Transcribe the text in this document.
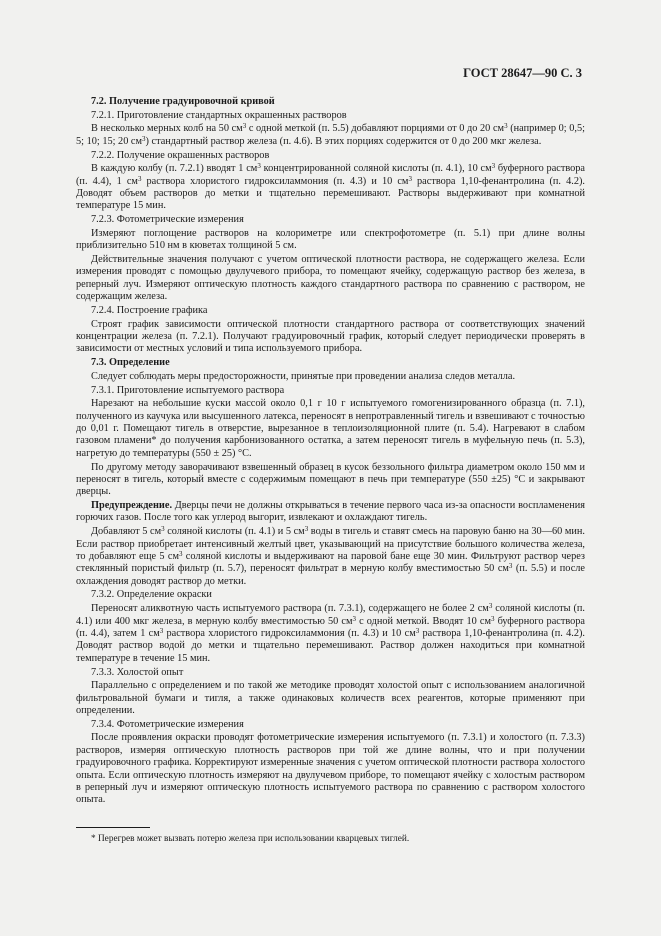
ГОСТ 28647—90 С. 3

7.2. Получение градуировочной кривой

7.2.1. Приготовление стандартных окрашенных растворов

В несколько мерных колб на 50 $см^3$ с одной меткой (п. 5.5) добавляют порциями от 0 до 20 $см^3$ (например 0; 0,5; 5; 10; 15; 20 $см^3$) стандартный раствор железа (п. 4.6). В этих порциях содержится от 0 до 200 мкг железа.

7.2.2. Получение окрашенных растворов

В каждую колбу (п. 7.2.1) вводят 1 $см^3$ концентрированной соляной кислоты (п. 4.1), 10 $см^3$ буферного раствора (п. 4.4), 1 $см^3$ раствора хлористого гидроксиламмония (п. 4.3) и 10 $см^3$ раствора 1,10-фенантролина (п. 4.2). Доводят объем растворов до метки и тщательно перемешивают. Растворы выдерживают при комнатной температуре 15 мин.

7.2.3. Фотометрические измерения

Измеряют поглощение растворов на колориметре или спектрофотометре (п. 5.1) при длине волны приблизительно 510 нм в кюветах толщиной 5 см.

Действительные значения получают с учетом оптической плотности раствора, не содержащего железа. Если измерения проводят с помощью двулучевого прибора, то помещают ячейку, содержащую раствор без железа, в реперный луч. Измеряют оптическую плотность каждого стандартного раствора по сравнению с раствором, не содержащим железа.

7.2.4. Построение графика

Строят график зависимости оптической плотности стандартного раствора от соответствующих значений концентрации железа (п. 7.2.1). Получают градуировочный график, который следует периодически проверять в зависимости от местных условий и типа используемого прибора.

7.3. Определение

Следует соблюдать меры предосторожности, принятые при проведении анализа следов металла.

7.3.1. Приготовление испытуемого раствора

Нарезают на небольшие куски массой около 0,1 г 10 г испытуемого гомогенизированного образца (п. 7.1), полученного из каучука или высушенного латекса, переносят в непротравленный тигель и взвешивают с точностью до 0,01 г. Помещают тигель в отверстие, вырезанное в теплоизоляционной плите (п. 5.4). Нагревают в слабом газовом пламени* до получения карбонизованного остатка, а затем переносят тигель в муфельную печь (п. 5.3), нагретую до температуры (550 ± 25) °С.

По другому методу заворачивают взвешенный образец в кусок беззольного фильтра диаметром около 150 мм и переносят в тигель, который вместе с содержимым помещают в печь при температуре (550 ±25) °С и закрывают дверцы.

Предупреждение. Дверцы печи не должны открываться в течение первого часа из-за опасности воспламенения горючих газов. После того как углерод выгорит, извлекают и охлаждают тигель.

Добавляют 5 $см^3$ соляной кислоты (п. 4.1) и 5 $см^3$ воды в тигель и ставят смесь на паровую баню на 30—60 мин. Если раствор приобретает интенсивный желтый цвет, указывающий на присутствие большого количества железа, то добавляют еще 5 $см^3$ соляной кислоты и выдерживают на паровой бане еще 30 мин. Фильтруют раствор через стеклянный пористый фильтр (п. 5.7), переносят фильтрат в мерную колбу вместимостью 50 $см^3$ (п. 5.5) и после охлаждения доводят раствор до метки.

7.3.2. Определение окраски

Переносят аликвотную часть испытуемого раствора (п. 7.3.1), содержащего не более 2 $см^3$ соляной кислоты (п. 4.1) или 400 мкг железа, в мерную колбу вместимостью 50 $см^3$ с одной меткой. Вводят 10 $см^3$ буферного раствора (п. 4.4), затем 1 $см^3$ раствора хлористого гидроксиламмония (п. 4.3) и 10 $см^3$ раствора 1,10-фенантролина (п. 4.2). Доводят раствор водой до метки и тщательно перемешивают. Раствор должен находиться при комнатной температуре в течение 15 мин.

7.3.3. Холостой опыт

Параллельно с определением и по такой же методике проводят холостой опыт с использованием аналогичной фильтровальной бумаги и тигля, а также одинаковых количеств всех реагентов, которые применяют при определении.

7.3.4. Фотометрические измерения

После проявления окраски проводят фотометрические измерения испытуемого (п. 7.3.1) и холостого (п. 7.3.3) растворов, измеряя оптическую плотность растворов при той же длине волны, что и при получении градуировочного графика. Корректируют измеренные значения с учетом оптической плотности раствора холостого опыта. Если оптическую плотность измеряют на двулучевом приборе, то помещают ячейку с холостым раствором в реперный луч и измеряют оптическую плотность испытуемого раствора по сравнению с раствором холостого опыта.

* Перегрев может вызвать потерю железа при использовании кварцевых тиглей.
